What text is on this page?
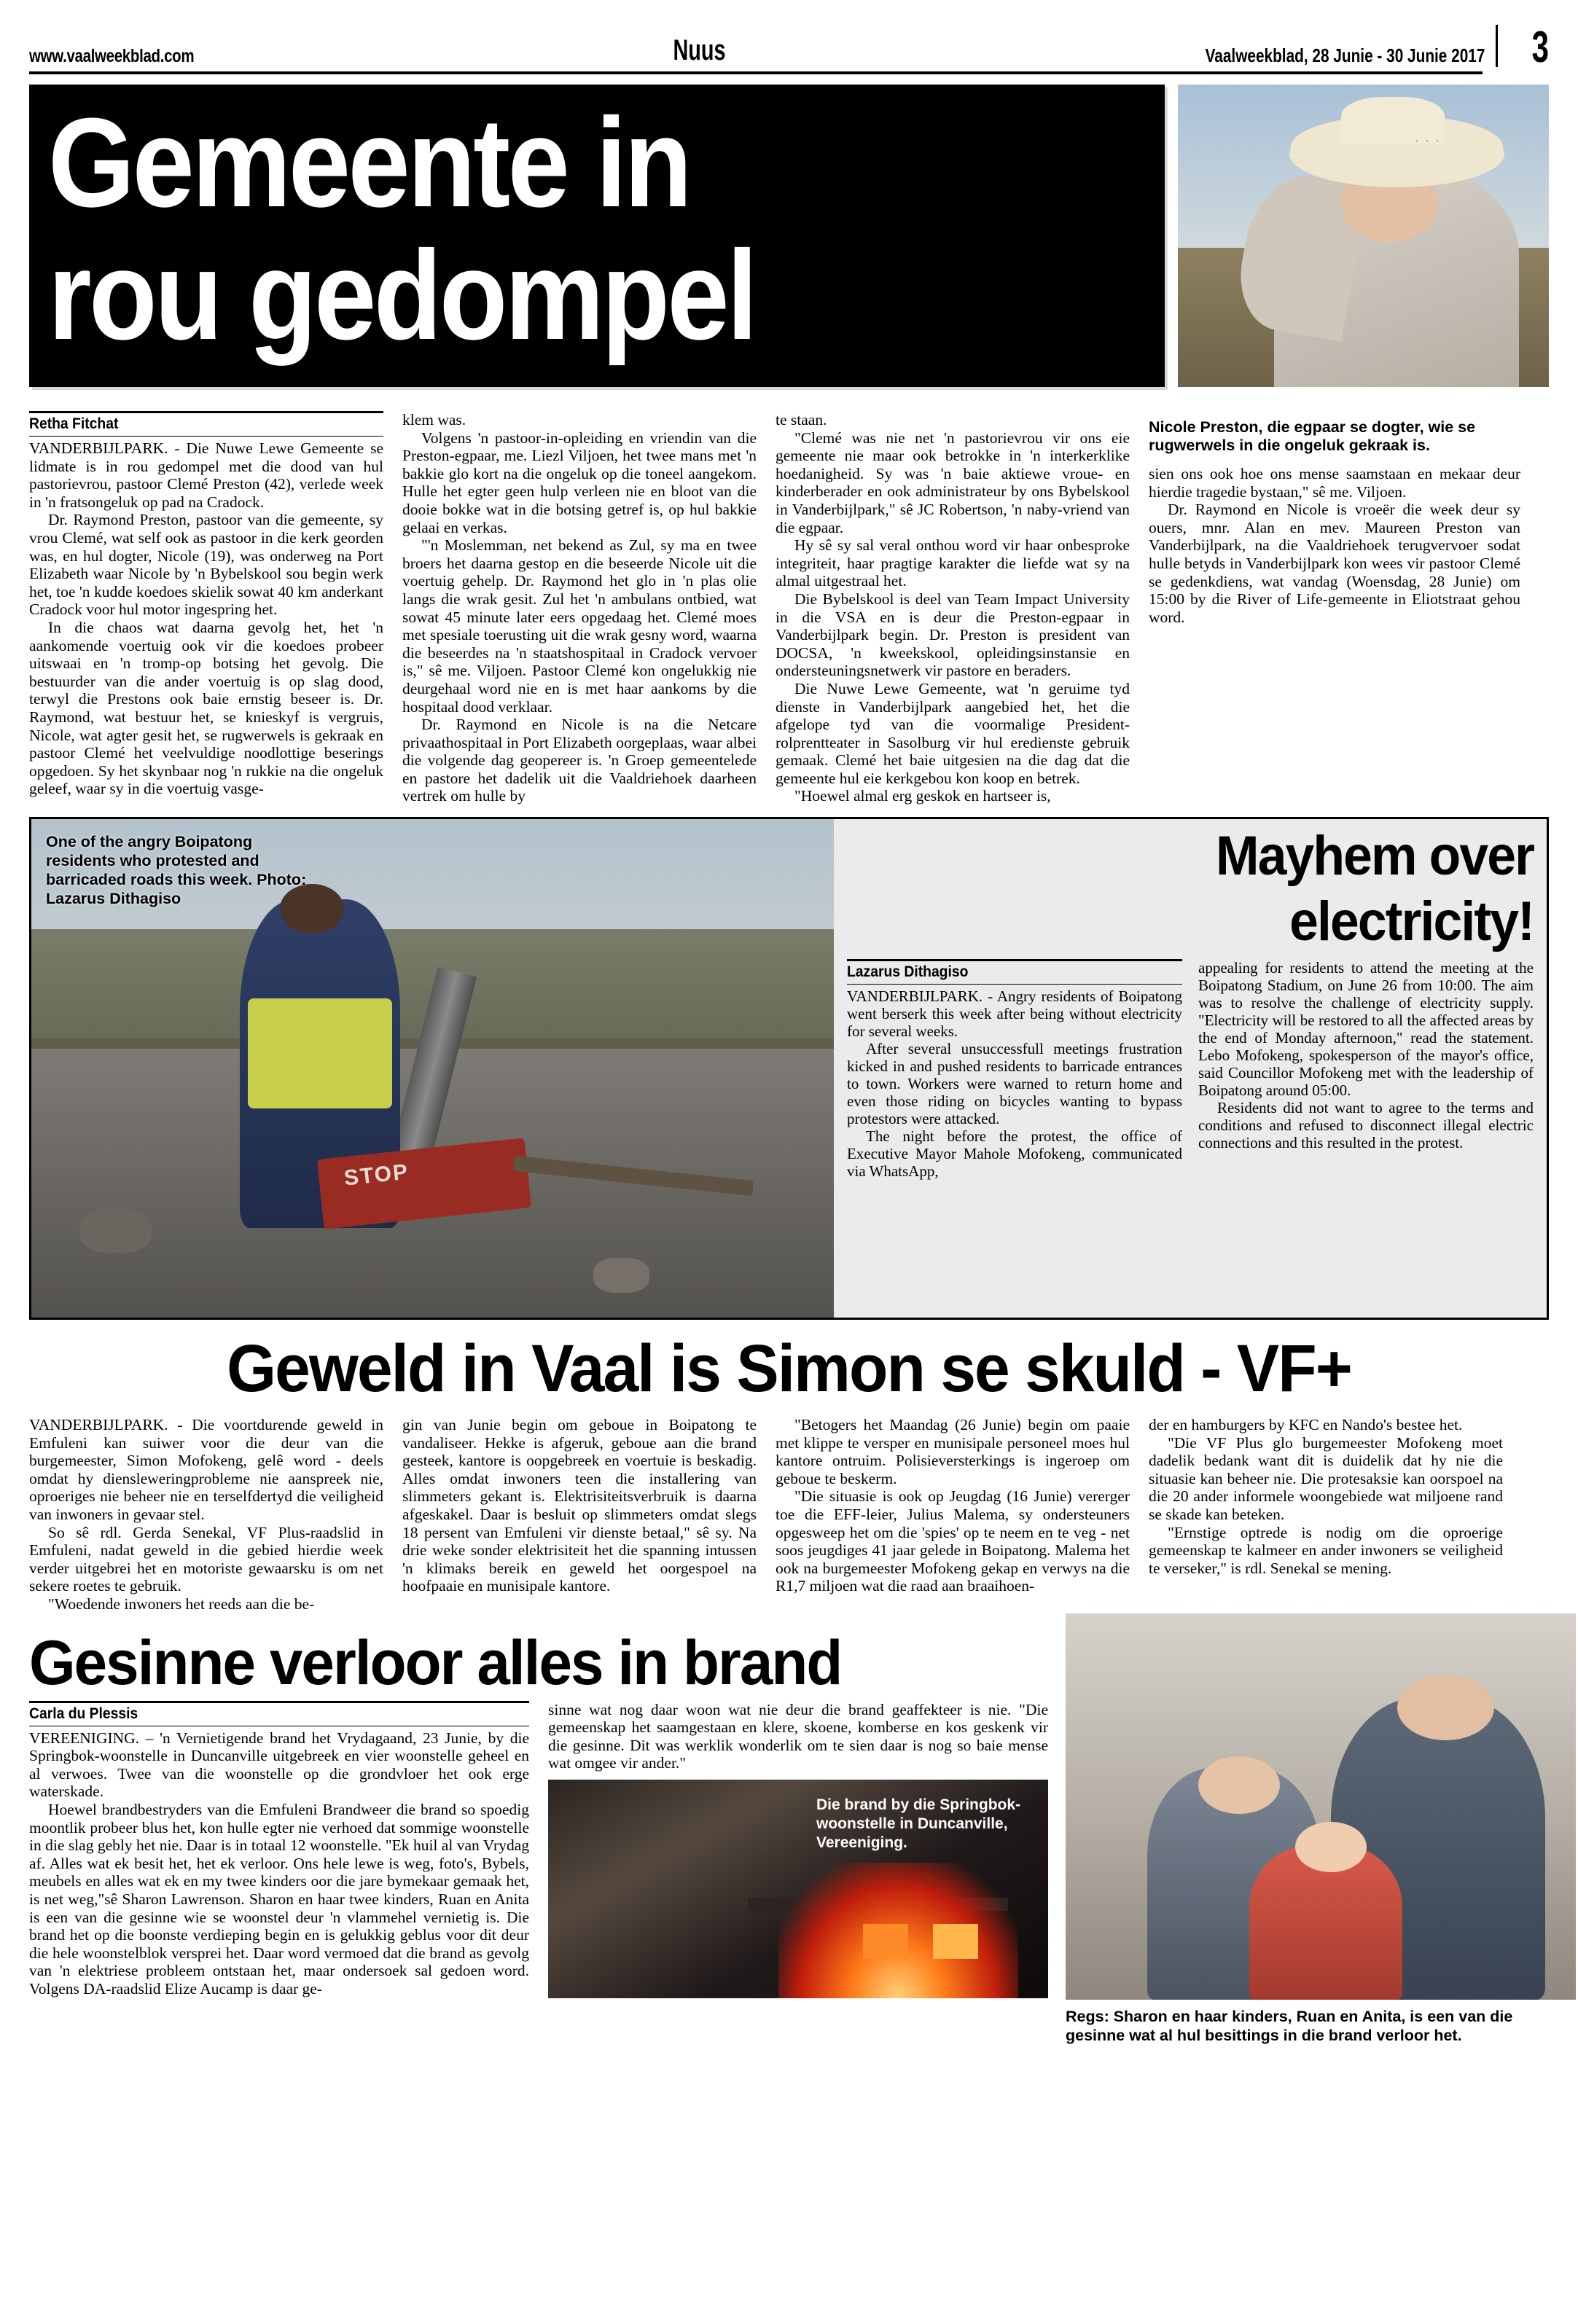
www.vaalweekblad.com	Nuus	Vaalweekblad, 28 Junie - 30 Junie 2017 3
Gemeente in
rou gedompel
· · ·
Retha Fitchat

VANDERBIJLPARK. - Die Nuwe Lewe Gemeente se lidmate is in rou gedompel met die dood van hul pastorievrou, pastoor Clemé Preston (42), verlede week in 'n fratsongeluk op pad na Cradock.

Dr. Raymond Preston, pastoor van die gemeente, sy vrou Clemé, wat self ook as pastoor in die kerk georden was, en hul dogter, Nicole (19), was onderweg na Port Elizabeth waar Nicole by 'n Bybelskool sou begin werk het, toe 'n kudde koedoes skielik sowat 40 km anderkant Cradock voor hul motor ingespring het.

In die chaos wat daarna gevolg het, het 'n aankomende voertuig ook vir die koedoes probeer uitswaai en 'n tromp-op botsing het gevolg. Die bestuurder van die ander voertuig is op slag dood, terwyl die Prestons ook baie ernstig beseer is. Dr. Raymond, wat bestuur het, se knieskyf is vergruis, Nicole, wat agter gesit het, se rugwerwels is gekraak en pastoor Clemé het veelvuldige noodlottige beserings opgedoen. Sy het skynbaar nog 'n rukkie na die ongeluk geleef, waar sy in die voertuig vasge-

klem was.

Volgens 'n pastoor-in-opleiding en vriendin van die Preston-egpaar, me. Liezl Viljoen, het twee mans met 'n bakkie glo kort na die ongeluk op die toneel aangekom. Hulle het egter geen hulp verleen nie en bloot van die dooie bokke wat in die botsing getref is, op hul bakkie gelaai en verkas.

"'n Moslemman, net bekend as Zul, sy ma en twee broers het daarna gestop en die beseerde Nicole uit die voertuig gehelp. Dr. Raymond het glo in 'n plas olie langs die wrak gesit. Zul het 'n ambulans ontbied, wat sowat 45 minute later eers opgedaag het. Clemé moes met spesiale toerusting uit die wrak gesny word, waarna die beseerdes na 'n staatshospitaal in Cradock vervoer is," sê me. Viljoen. Pastoor Clemé kon ongelukkig nie deurgehaal word nie en is met haar aankoms by die hospitaal dood verklaar.

Dr. Raymond en Nicole is na die Netcare privaathospitaal in Port Elizabeth oorgeplaas, waar albei die volgende dag geopereer is. 'n Groep gemeentelede en pastore het dadelik uit die Vaaldriehoek daarheen vertrek om hulle by

te staan.

"Clemé was nie net 'n pastorievrou vir ons eie gemeente nie maar ook betrokke in 'n interkerklike hoedanigheid. Sy was 'n baie aktiewe vroue- en kinderberader en ook administrateur by ons Bybelskool in Vanderbijlpark," sê JC Robertson, 'n naby-vriend van die egpaar.

Hy sê sy sal veral onthou word vir haar onbesproke integriteit, haar pragtige karakter die liefde wat sy na almal uitgestraal het.

Die Bybelskool is deel van Team Impact University in die VSA en is deur die Preston-egpaar in Vanderbijlpark begin. Dr. Preston is president van DOCSA, 'n kweekskool, opleidingsinstansie en ondersteuningsnetwerk vir pastore en beraders.

Die Nuwe Lewe Gemeente, wat 'n geruime tyd dienste in Vanderbijlpark aangebied het, het die afgelope tyd van die voormalige President-rolprentteater in Sasolburg vir hul eredienste gebruik gemaak. Clemé het baie uitgesien na die dag dat die gemeente hul eie kerkgebou kon koop en betrek.

"Hoewel almal erg geskok en hartseer is,

Nicole Preston, die egpaar se dogter, wie se rugwerwels in die ongeluk gekraak is.

sien ons ook hoe ons mense saamstaan en mekaar deur hierdie tragedie bystaan," sê me. Viljoen.

Dr. Raymond en Nicole is vroeër die week deur sy ouers, mnr. Alan en mev. Maureen Preston van Vanderbijlpark, na die Vaaldriehoek terugvervoer sodat hulle betyds in Vanderbijlpark kon wees vir pastoor Clemé se gedenkdiens, wat vandag (Woensdag, 28 Junie) om 15:00 by die River of Life-gemeente in Eliotstraat gehou word.

STOP
One of the angry Boipatong residents who protested and barricaded roads this week. Photo: Lazarus Dithagiso
Mayhem over
electricity!
Lazarus Dithagiso

VANDERBIJLPARK. - Angry residents of Boipatong went berserk this week after being without electricity for several weeks.

After several unsuccessfull meetings frustration kicked in and pushed residents to barricade entrances to town. Workers were warned to return home and even those riding on bicycles wanting to bypass protestors were attacked.

The night before the protest, the office of Executive Mayor Mahole Mofokeng, communicated via WhatsApp,

appealing for residents to attend the meeting at the Boipatong Stadium, on June 26 from 10:00. The aim was to resolve the challenge of electricity supply. "Electricity will be restored to all the affected areas by the end of Monday afternoon," read the statement. Lebo Mofokeng, spokesperson of the mayor's office, said Councillor Mofokeng met with the leadership of Boipatong around 05:00.

Residents did not want to agree to the terms and conditions and refused to disconnect illegal electric connections and this resulted in the protest.

Geweld in Vaal is Simon se skuld - VF+

VANDERBIJLPARK. - Die voortdurende geweld in Emfuleni kan suiwer voor die deur van die burgemeester, Simon Mofokeng, gelê word - deels omdat hy diensleweringprobleme nie aanspreek nie, oproeriges nie beheer nie en terselfdertyd die veiligheid van inwoners in gevaar stel.

So sê rdl. Gerda Senekal, VF Plus-raadslid in Emfuleni, nadat geweld in die gebied hierdie week verder uitgebrei het en motoriste gewaarsku is om net sekere roetes te gebruik.

"Woedende inwoners het reeds aan die be-

gin van Junie begin om geboue in Boipatong te vandaliseer. Hekke is afgeruk, geboue aan die brand gesteek, kantore is oopgebreek en voertuie is beskadig. Alles omdat inwoners teen die installering van slimmeters gekant is. Elektrisiteitsverbruik is daarna afgeskakel. Daar is besluit op slimmeters omdat slegs 18 persent van Emfuleni vir dienste betaal," sê sy. Na drie weke sonder elektrisiteit het die spanning intussen 'n klimaks bereik en geweld het oorgespoel na hoofpaaie en munisipale kantore.

"Betogers het Maandag (26 Junie) begin om paaie met klippe te versper en munisipale personeel moes hul kantore ontruim. Polisieversterkings is ingeroep om geboue te beskerm.

"Die situasie is ook op Jeugdag (16 Junie) vererger toe die EFF-leier, Julius Malema, sy ondersteuners opgesweep het om die 'spies' op te neem en te veg - net soos jeugdiges 41 jaar gelede in Boipatong. Malema het ook na burgemeester Mofokeng gekap en verwys na die R1,7 miljoen wat die raad aan braaihoen-

der en hamburgers by KFC en Nando's bestee het.

"Die VF Plus glo burgemeester Mofokeng moet dadelik bedank want dit is duidelik dat hy nie die situasie kan beheer nie. Die protesaksie kan oorspoel na die 20 ander informele woongebiede wat miljoene rand se skade kan beteken.

"Ernstige optrede is nodig om die oproerige gemeenskap te kalmeer en ander inwoners se veiligheid te verseker," is rdl. Senekal se mening.

Gesinne verloor alles in brand
Carla du Plessis

VEREENIGING. – 'n Vernietigende brand het Vrydagaand, 23 Junie, by die Springbok-woonstelle in Duncanville uitgebreek en vier woonstelle geheel en al verwoes. Twee van die woonstelle op die grondvloer het ook erge waterskade.

Hoewel brandbestryders van die Emfuleni Brandweer die brand so spoedig moontlik probeer blus het, kon hulle egter nie verhoed dat sommige woonstelle in die slag gebly het nie. Daar is in totaal 12 woonstelle. "Ek huil al van Vrydag af. Alles wat ek besit het, het ek verloor. Ons hele lewe is weg, foto's, Bybels, meubels en alles wat ek en my twee kinders oor die jare bymekaar gemaak het, is net weg,"sê Sharon Lawrenson. Sharon en haar twee kinders, Ruan en Anita is een van die gesinne wie se woonstel deur 'n vlammehel vernietig is. Die brand het op die boonste verdieping begin en is gelukkig geblus voor dit deur die hele woonstelblok versprei het. Daar word vermoed dat die brand as gevolg van 'n elektriese probleem ontstaan het, maar ondersoek sal gedoen word. Volgens DA-raadslid Elize Aucamp is daar ge-

sinne wat nog daar woon wat nie deur die brand geaffekteer is nie. "Die gemeenskap het saamgestaan en klere, skoene, komberse en kos geskenk vir die gesinne. Dit was werklik wonderlik om te sien daar is nog so baie mense wat omgee vir ander."

Die brand by die Springbok-woonstelle in Duncanville, Vereeniging.
Regs: Sharon en haar kinders, Ruan en Anita, is een van die gesinne wat al hul besittings in die brand verloor het.
